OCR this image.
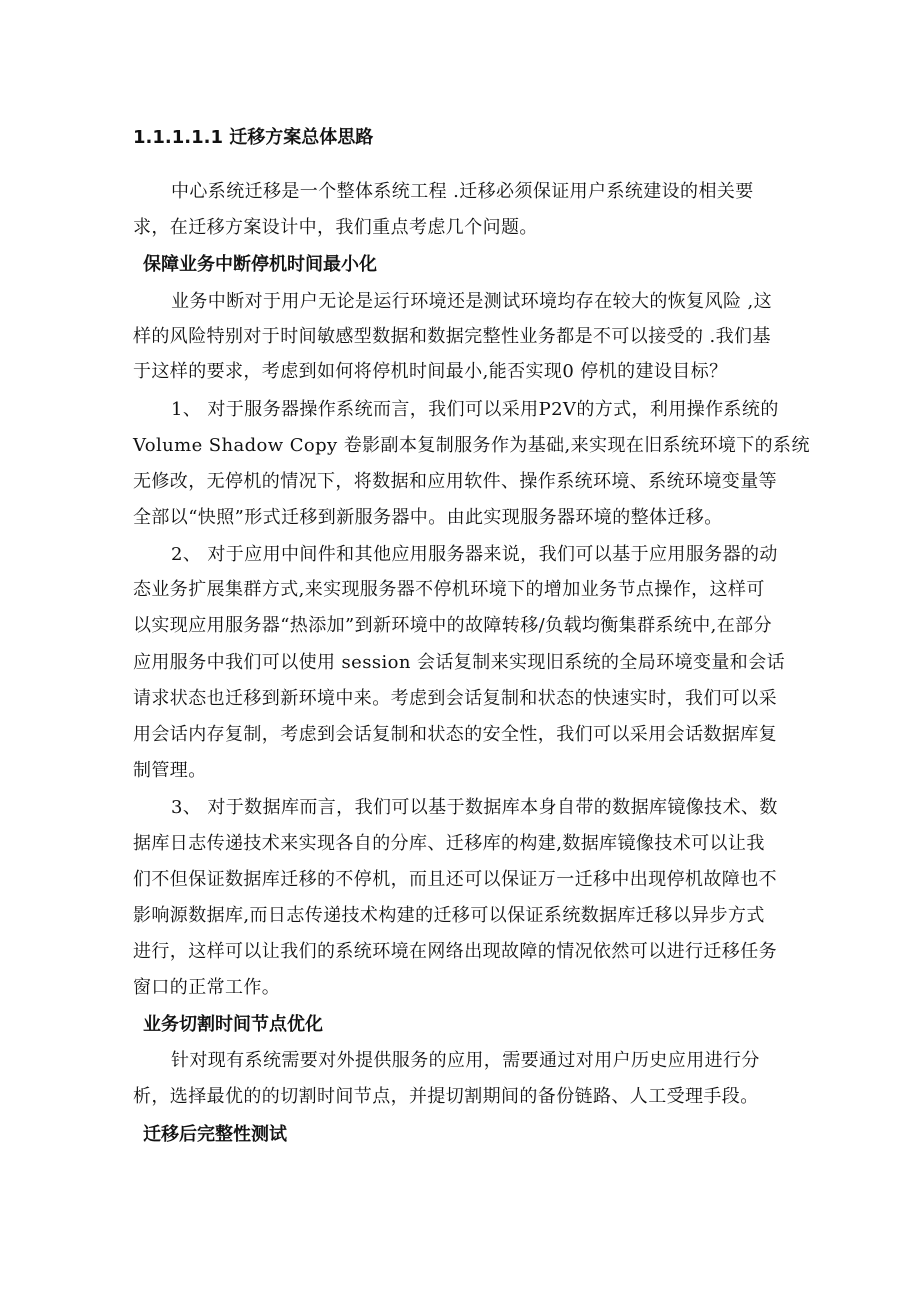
1.1.1.1.1 迁移方案总体思路
中心系统迁移是一个整体系统工程 .迁移必须保证用户系统建设的相关要
求，在迁移方案设计中，我们重点考虑几个问题。
保障业务中断停机时间最小化
业务中断对于用户无论是运行环境还是测试环境均存在较大的恢复风险 ,这
样的风险特别对于时间敏感型数据和数据完整性业务都是不可以接受的 .我们基
于这样的要求，考虑到如何将停机时间最小,能否实现0 停机的建设目标？
1、 对于服务器操作系统而言，我们可以采用P2V的方式，利用操作系统的
Volume Shadow Copy 卷影副本复制服务作为基础,来实现在旧系统环境下的系统
无修改，无停机的情况下，将数据和应用软件、操作系统环境、系统环境变量等
全部以“快照”形式迁移到新服务器中。由此实现服务器环境的整体迁移。
2、 对于应用中间件和其他应用服务器来说，我们可以基于应用服务器的动
态业务扩展集群方式,来实现服务器不停机环境下的增加业务节点操作，这样可
以实现应用服务器“热添加”到新环境中的故障转移/负载均衡集群系统中,在部分
应用服务中我们可以使用 session 会话复制来实现旧系统的全局环境变量和会话
请求状态也迁移到新环境中来。考虑到会话复制和状态的快速实时，我们可以采
用会话内存复制，考虑到会话复制和状态的安全性，我们可以采用会话数据库复
制管理。
3、 对于数据库而言，我们可以基于数据库本身自带的数据库镜像技术、数
据库日志传递技术来实现各自的分库、迁移库的构建,数据库镜像技术可以让我
们不但保证数据库迁移的不停机，而且还可以保证万一迁移中出现停机故障也不
影响源数据库,而日志传递技术构建的迁移可以保证系统数据库迁移以异步方式
进行，这样可以让我们的系统环境在网络出现故障的情况依然可以进行迁移任务
窗口的正常工作。
业务切割时间节点优化
针对现有系统需要对外提供服务的应用，需要通过对用户历史应用进行分
析，选择最优的的切割时间节点，并提切割期间的备份链路、人工受理手段。
迁移后完整性测试
